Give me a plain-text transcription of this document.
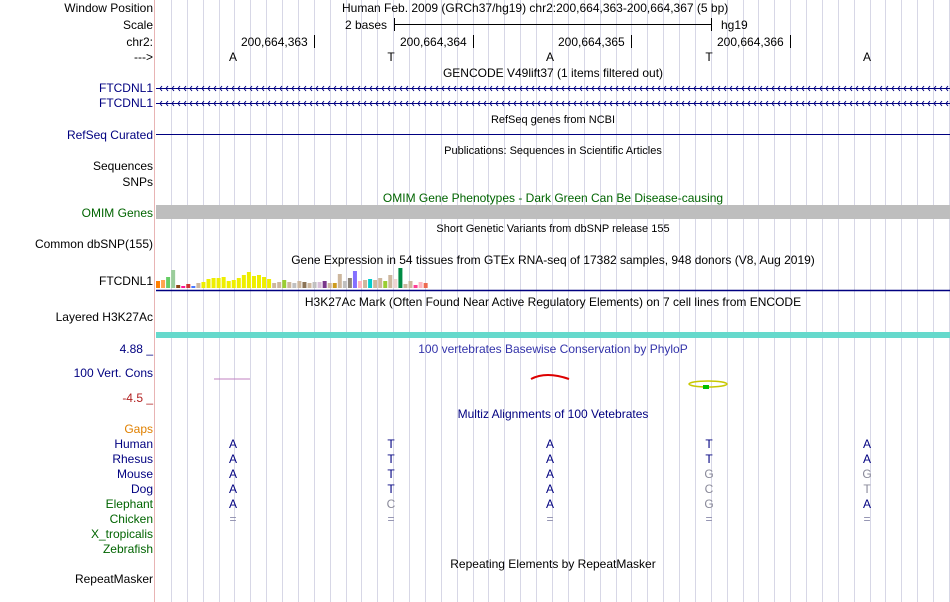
Window Position	Human Feb. 2009 (GRCh37/hg19) chr2:200,664,363-200,664,367 (5 bp)
Scale	2 bases	hg19
chr2:	200,664,363	200,664,364	200,664,365	200,664,366
--->	A	T	A	T	A
GENCODE V49lift37 (1 items filtered out)
FTCDNL1
FTCDNL1
RefSeq genes from NCBI
RefSeq Curated
Publications: Sequences in Scientific Articles
Sequences
SNPs
OMIM Gene Phenotypes - Dark Green Can Be Disease-causing
OMIM Genes
Short Genetic Variants from dbSNP release 155
Common dbSNP(155)
Gene Expression in 54 tissues from GTEx RNA-seq of 17382 samples, 948 donors (V8, Aug 2019)
FTCDNL1
H3K27Ac Mark (Often Found Near Active Regulatory Elements) on 7 cell lines from ENCODE
Layered H3K27Ac
4.88 _	100 vertebrates Basewise Conservation by PhyloP
100 Vert. Cons
-4.5 _
Multiz Alignments of 100 Vetebrates
Gaps
Human	A	T	A	T	A
Rhesus	A	T	A	T	A
Mouse	A	T	A	G	G
Dog	A	T	A	C	T
Elephant	A	C	A	G	A
Chicken	=	=	=	=	=
X_tropicalis
Zebrafish
Repeating Elements by RepeatMasker
RepeatMasker
